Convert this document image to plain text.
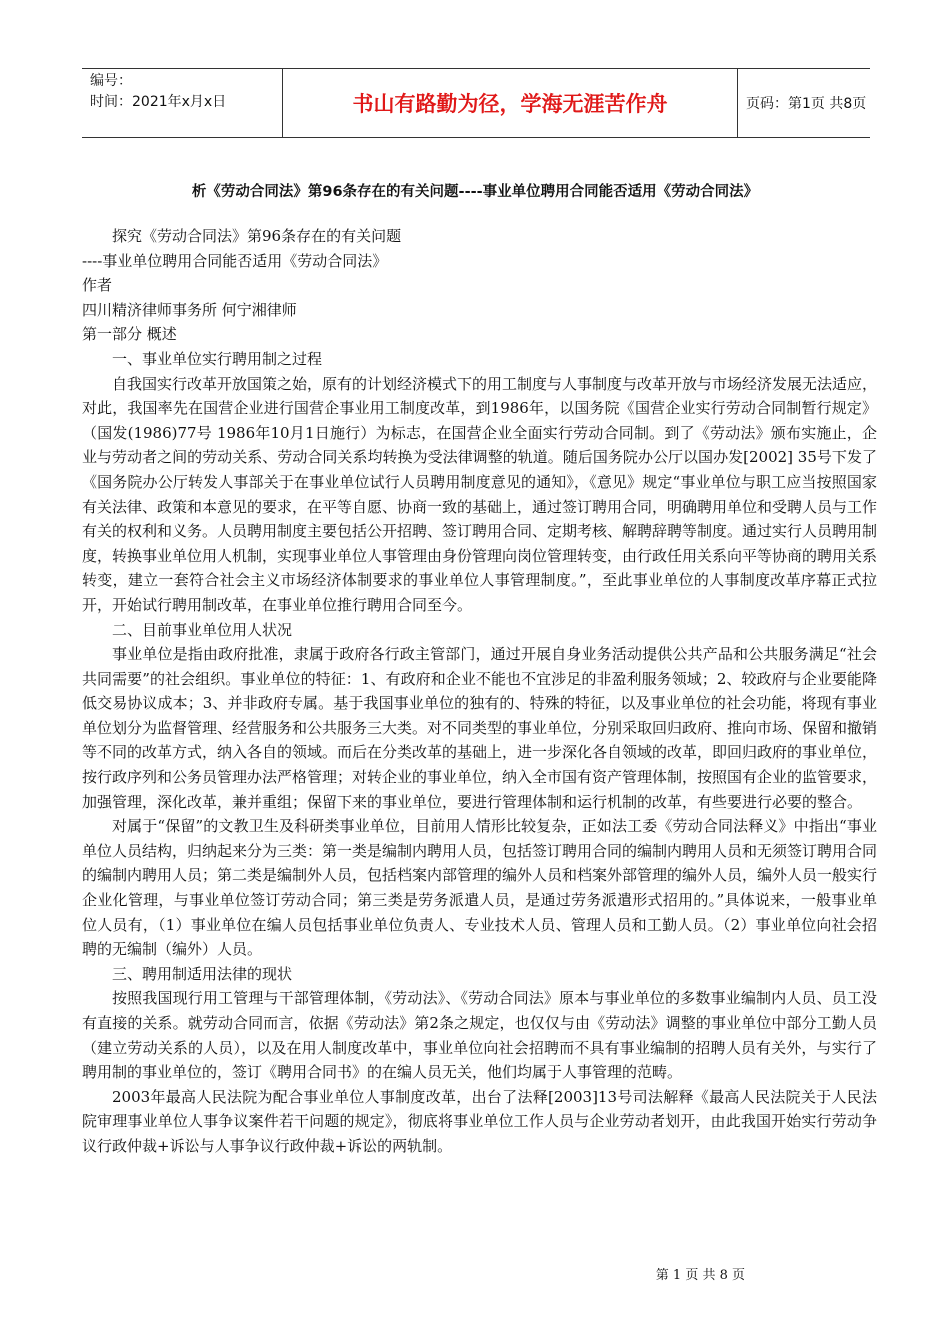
编号：
时间：2021年x月x日	书山有路勤为径，学海无涯苦作舟	页码：第1页 共8页
析《劳动合同法》第96条存在的有关问题----事业单位聘用合同能否适用《劳动合同法》

探究《劳动合同法》第96条存在的有关问题

----事业单位聘用合同能否适用《劳动合同法》

作者

四川精济律师事务所 何宁湘律师

第一部分 概述

一、事业单位实行聘用制之过程

自我国实行改革开放国策之始，原有的计划经济模式下的用工制度与人事制度与改革开放与市场经济发展无法适应，对此，我国率先在国营企业进行国营企事业用工制度改革，到1986年，以国务院《国营企业实行劳动合同制暂行规定》（国发(1986)77号 1986年10月1日施行）为标志，在国营企业全面实行劳动合同制。到了《劳动法》颁布实施止，企业与劳动者之间的劳动关系、劳动合同关系均转换为受法律调整的轨道。随后国务院办公厅以国办发[2002] 35号下发了《国务院办公厅转发人事部关于在事业单位试行人员聘用制度意见的通知》，《意见》规定“事业单位与职工应当按照国家有关法律、政策和本意见的要求，在平等自愿、协商一致的基础上，通过签订聘用合同，明确聘用单位和受聘人员与工作有关的权利和义务。人员聘用制度主要包括公开招聘、签订聘用合同、定期考核、解聘辞聘等制度。通过实行人员聘用制度，转换事业单位用人机制，实现事业单位人事管理由身份管理向岗位管理转变，由行政任用关系向平等协商的聘用关系转变，建立一套符合社会主义市场经济体制要求的事业单位人事管理制度。”，至此事业单位的人事制度改革序幕正式拉开，开始试行聘用制改革，在事业单位推行聘用合同至今。

二、目前事业单位用人状况

事业单位是指由政府批准，隶属于政府各行政主管部门，通过开展自身业务活动提供公共产品和公共服务满足“社会共同需要”的社会组织。事业单位的特征：1、有政府和企业不能也不宜涉足的非盈利服务领域；2、较政府与企业要能降低交易协议成本；3、并非政府专属。基于我国事业单位的独有的、特殊的特征，以及事业单位的社会功能，将现有事业单位划分为监督管理、经营服务和公共服务三大类。对不同类型的事业单位，分别采取回归政府、推向市场、保留和撤销等不同的改革方式，纳入各自的领域。而后在分类改革的基础上，进一步深化各自领域的改革，即回归政府的事业单位，按行政序列和公务员管理办法严格管理；对转企业的事业单位，纳入全市国有资产管理体制，按照国有企业的监管要求，加强管理，深化改革，兼并重组；保留下来的事业单位，要进行管理体制和运行机制的改革，有些要进行必要的整合。

对属于“保留”的文教卫生及科研类事业单位，目前用人情形比较复杂，正如法工委《劳动合同法释义》中指出“事业单位人员结构，归纳起来分为三类：第一类是编制内聘用人员，包括签订聘用合同的编制内聘用人员和无须签订聘用合同的编制内聘用人员；第二类是编制外人员，包括档案内部管理的编外人员和档案外部管理的编外人员，编外人员一般实行企业化管理，与事业单位签订劳动合同；第三类是劳务派遣人员，是通过劳务派遣形式招用的。”具体说来，一般事业单位人员有，（1）事业单位在编人员包括事业单位负责人、专业技术人员、管理人员和工勤人员。（2）事业单位向社会招聘的无编制（编外）人员。

三、聘用制适用法律的现状

按照我国现行用工管理与干部管理体制，《劳动法》、《劳动合同法》原本与事业单位的多数事业编制内人员、员工没有直接的关系。就劳动合同而言，依据《劳动法》第2条之规定，也仅仅与由《劳动法》调整的事业单位中部分工勤人员（建立劳动关系的人员），以及在用人制度改革中，事业单位向社会招聘而不具有事业编制的招聘人员有关外，与实行了聘用制的事业单位的，签订《聘用合同书》的在编人员无关，他们均属于人事管理的范畴。

2003年最高人民法院为配合事业单位人事制度改革，出台了法释[2003]13号司法解释《最高人民法院关于人民法院审理事业单位人事争议案件若干问题的规定》，彻底将事业单位工作人员与企业劳动者划开，由此我国开始实行劳动争议行政仲裁+诉讼与人事争议行政仲裁+诉讼的两轨制。

第 1 页 共 8 页
